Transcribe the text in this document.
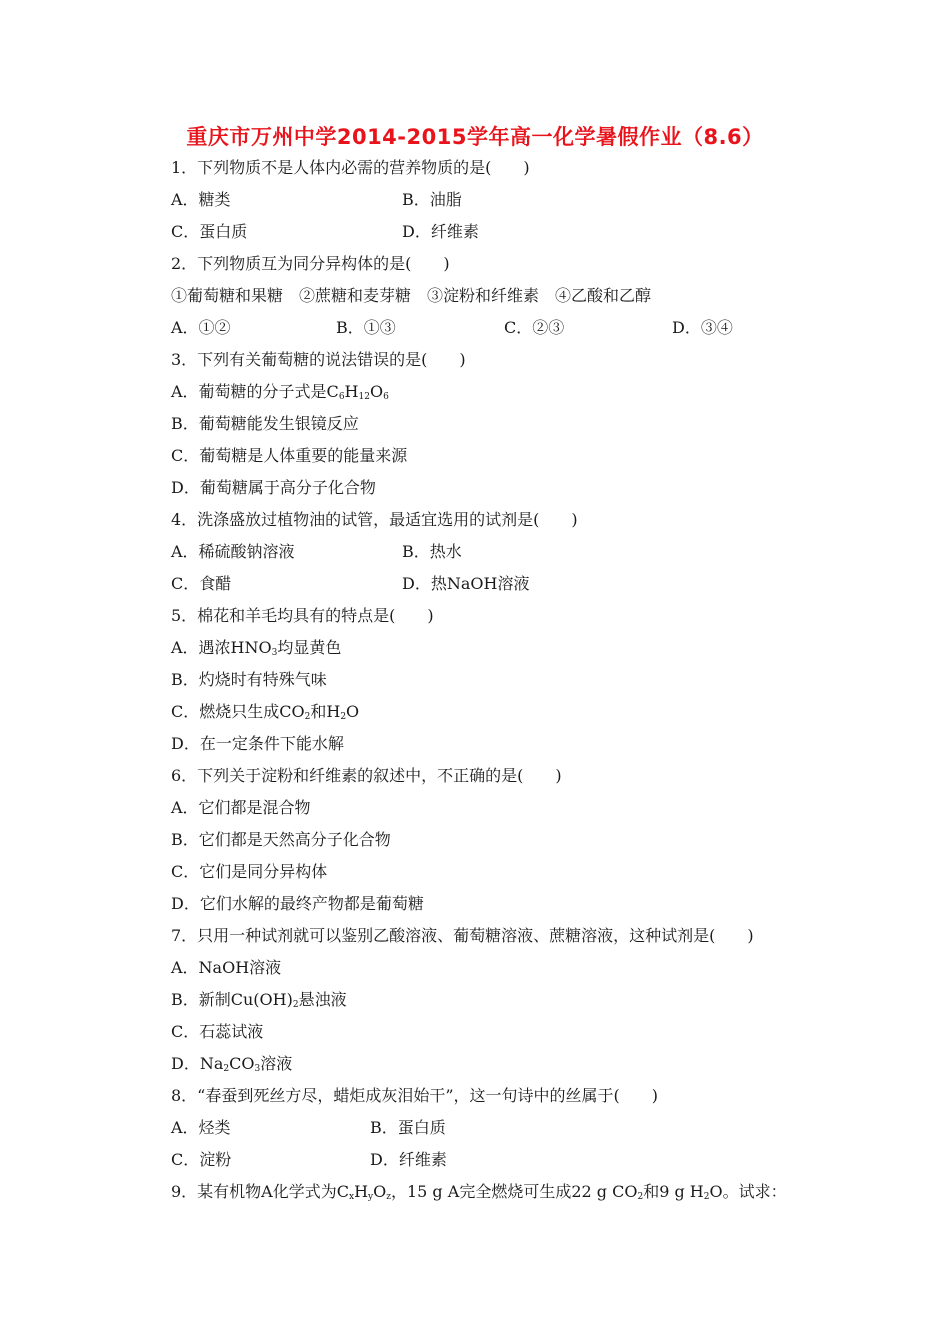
重庆市万州中学2014-2015学年高一化学暑假作业（8.6）
1．下列物质不是人体内必需的营养物质的是(　　)
A．糖类	B．油脂
C．蛋白质	D．纤维素
2．下列物质互为同分异构体的是(　　)
①葡萄糖和果糖　②蔗糖和麦芽糖　③淀粉和纤维素　④乙酸和乙醇
A．①②	B．①③	C．②③	D．③④
3．下列有关葡萄糖的说法错误的是(　　)
A．葡萄糖的分子式是$C_6H_{12}O_6$
B．葡萄糖能发生银镜反应
C．葡萄糖是人体重要的能量来源
D．葡萄糖属于高分子化合物
4．洗涤盛放过植物油的试管，最适宜选用的试剂是(　　)
A．稀硫酸钠溶液	B．热水
C．食醋	D．热NaOH溶液
5．棉花和羊毛均具有的特点是(　　)
A．遇浓$HNO_3$均显黄色
B．灼烧时有特殊气味
C．燃烧只生成$CO_2$和$H_2O$
D．在一定条件下能水解
6．下列关于淀粉和纤维素的叙述中，不正确的是(　　)
A．它们都是混合物
B．它们都是天然高分子化合物
C．它们是同分异构体
D．它们水解的最终产物都是葡萄糖
7．只用一种试剂就可以鉴别乙酸溶液、葡萄糖溶液、蔗糖溶液，这种试剂是(　　)
A．NaOH溶液
B．新制$Cu(OH)_2$悬浊液
C．石蕊试液
D．$Na_2CO_3$溶液
8．“春蚕到死丝方尽，蜡炬成灰泪始干”，这一句诗中的丝属于(　　)
A．烃类	B．蛋白质
C．淀粉	D．纤维素
9．某有机物A化学式为$C_xH_yO_z$，15 g A完全燃烧可生成22 g $CO_2$和9 g $H_2O$。试求：
